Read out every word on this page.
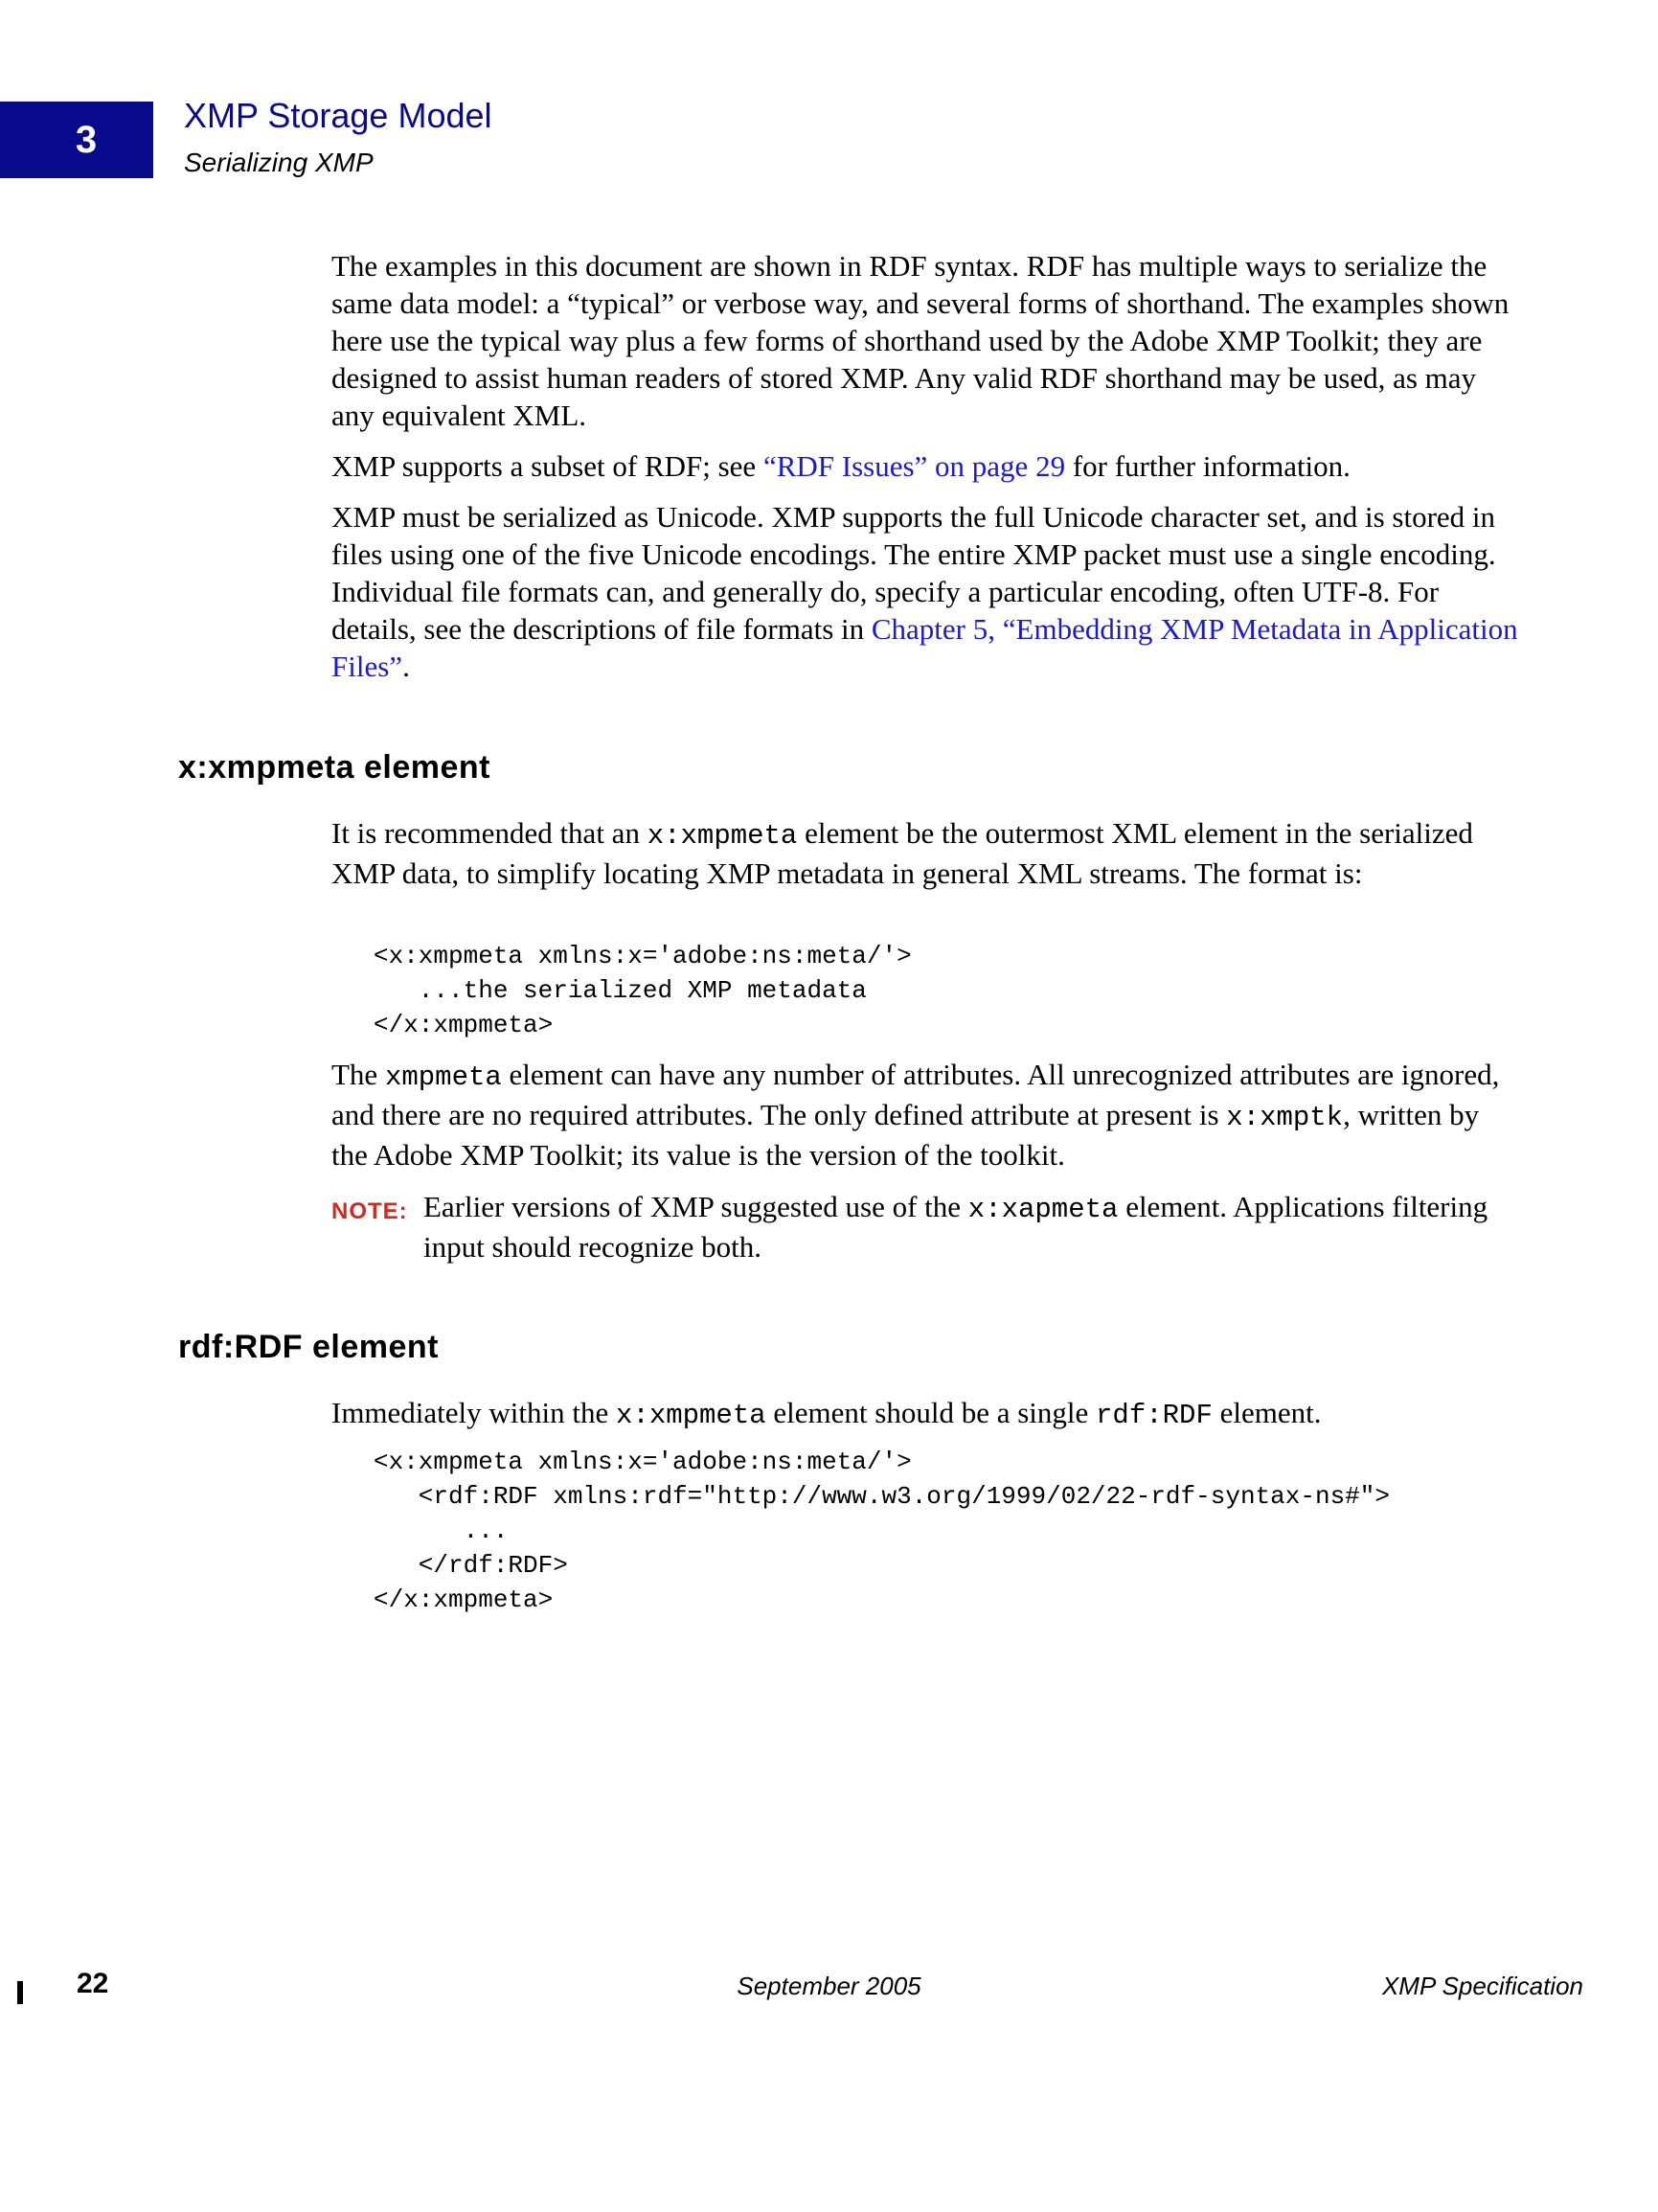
3
XMP Storage Model
Serializing XMP

The examples in this document are shown in RDF syntax. RDF has multiple ways to serialize the same data model: a “typical” or verbose way, and several forms of shorthand. The examples shown here use the typical way plus a few forms of shorthand used by the Adobe XMP Toolkit; they are designed to assist human readers of stored XMP. Any valid RDF shorthand may be used, as may any equivalent XML.

XMP supports a subset of RDF; see “RDF Issues” on page 29 for further information.

XMP must be serialized as Unicode. XMP supports the full Unicode character set, and is stored in files using one of the five Unicode encodings. The entire XMP packet must use a single encoding. Individual file formats can, and generally do, specify a particular encoding, often UTF-8. For details, see the descriptions of file formats in Chapter 5, “Embedding XMP Metadata in Application Files”.

x:xmpmeta element

It is recommended that an x:xmpmeta element be the outermost XML element in the serialized XMP data, to simplify locating XMP metadata in general XML streams. The format is:

<x:xmpmeta xmlns:x='adobe:ns:meta/'>
...the serialized XMP metadata
</x:xmpmeta>

The xmpmeta element can have any number of attributes. All unrecognized attributes are ignored, and there are no required attributes. The only defined attribute at present is x:xmptk, written by the Adobe XMP Toolkit; its value is the version of the toolkit.

NOTE: Earlier versions of XMP suggested use of the x:xapmeta element. Applications filtering input should recognize both.
rdf:RDF element

Immediately within the x:xmpmeta element should be a single rdf:RDF element.

<x:xmpmeta xmlns:x='adobe:ns:meta/'>
<rdf:RDF xmlns:rdf="http://www.w3.org/1999/02/22-rdf-syntax-ns#">
...
</rdf:RDF>
</x:xmpmeta>
22	September 2005	XMP Specification
